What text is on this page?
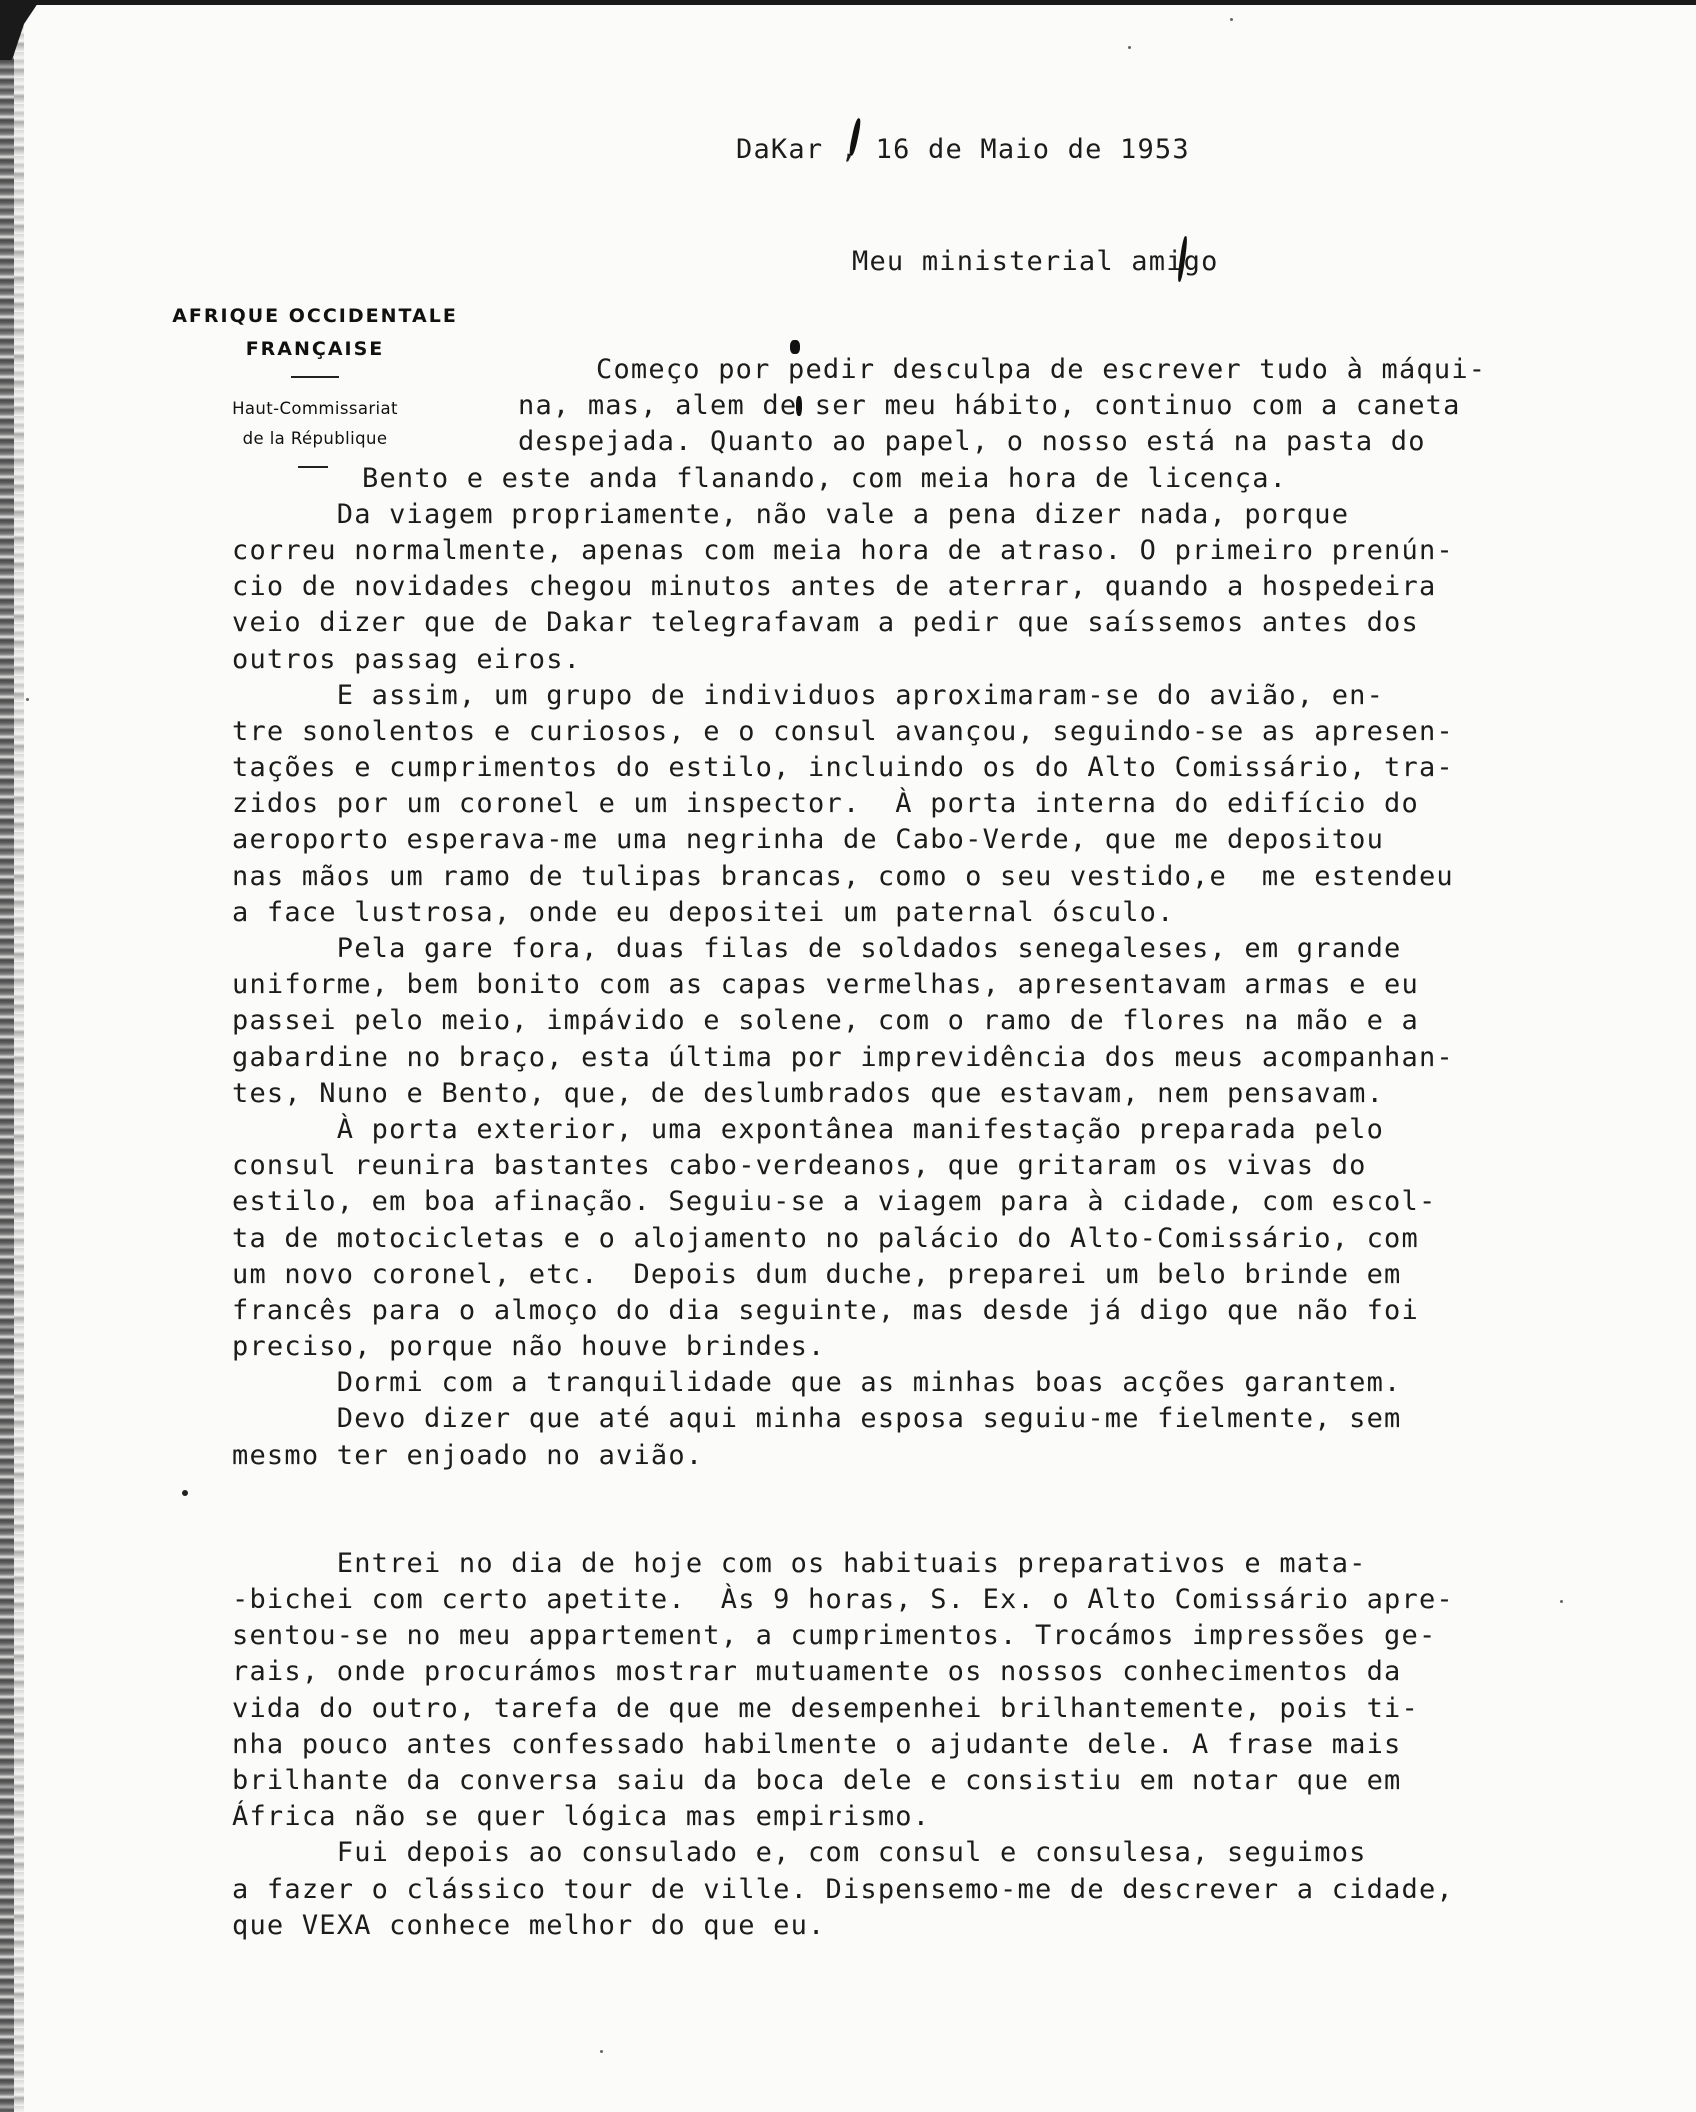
DaKar , 16 de Maio de 1953
Meu ministerial amigo
AFRIQUE OCCIDENTALE
FRANÇAISE
Haut-Commissariat
de la République
Começo por pedir desculpa de escrever tudo à máqui-
na, mas, alem de ser meu hábito, continuo com a caneta
despejada. Quanto ao papel, o nosso está na pasta do
Bento e este anda flanando, com meia hora de licença.
Da viagem propriamente, não vale a pena dizer nada, porque
correu normalmente, apenas com meia hora de atraso. O primeiro prenún-
cio de novidades chegou minutos antes de aterrar, quando a hospedeira
veio dizer que de Dakar telegrafavam a pedir que saíssemos antes dos
outros passag eiros.
E assim, um grupo de individuos aproximaram-se do avião, en-
tre sonolentos e curiosos, e o consul avançou, seguindo-se as apresen-
tações e cumprimentos do estilo, incluindo os do Alto Comissário, tra-
zidos por um coronel e um inspector.  À porta interna do edifício do
aeroporto esperava-me uma negrinha de Cabo-Verde, que me depositou
nas mãos um ramo de tulipas brancas, como o seu vestido,e  me estendeu
a face lustrosa, onde eu depositei um paternal ósculo.
Pela gare fora, duas filas de soldados senegaleses, em grande
uniforme, bem bonito com as capas vermelhas, apresentavam armas e eu
passei pelo meio, impávido e solene, com o ramo de flores na mão e a
gabardine no braço, esta última por imprevidência dos meus acompanhan-
tes, Nuno e Bento, que, de deslumbrados que estavam, nem pensavam.
À porta exterior, uma expontânea manifestação preparada pelo
consul reunira bastantes cabo-verdeanos, que gritaram os vivas do
estilo, em boa afinação. Seguiu-se a viagem para à cidade, com escol-
ta de motocicletas e o alojamento no palácio do Alto-Comissário, com
um novo coronel, etc.  Depois dum duche, preparei um belo brinde em
francês para o almoço do dia seguinte, mas desde já digo que não foi
preciso, porque não houve brindes.
Dormi com a tranquilidade que as minhas boas acções garantem.
Devo dizer que até aqui minha esposa seguiu-me fielmente, sem
mesmo ter enjoado no avião.
Entrei no dia de hoje com os habituais preparativos e mata-
-bichei com certo apetite.  Às 9 horas, S. Ex. o Alto Comissário apre-
sentou-se no meu appartement, a cumprimentos. Trocámos impressões ge-
rais, onde procurámos mostrar mutuamente os nossos conhecimentos da
vida do outro, tarefa de que me desempenhei brilhantemente, pois ti-
nha pouco antes confessado habilmente o ajudante dele. A frase mais
brilhante da conversa saiu da boca dele e consistiu em notar que em
África não se quer lógica mas empirismo.
Fui depois ao consulado e, com consul e consulesa, seguimos
a fazer o clássico tour de ville. Dispensemo-me de descrever a cidade,
que VEXA conhece melhor do que eu.
